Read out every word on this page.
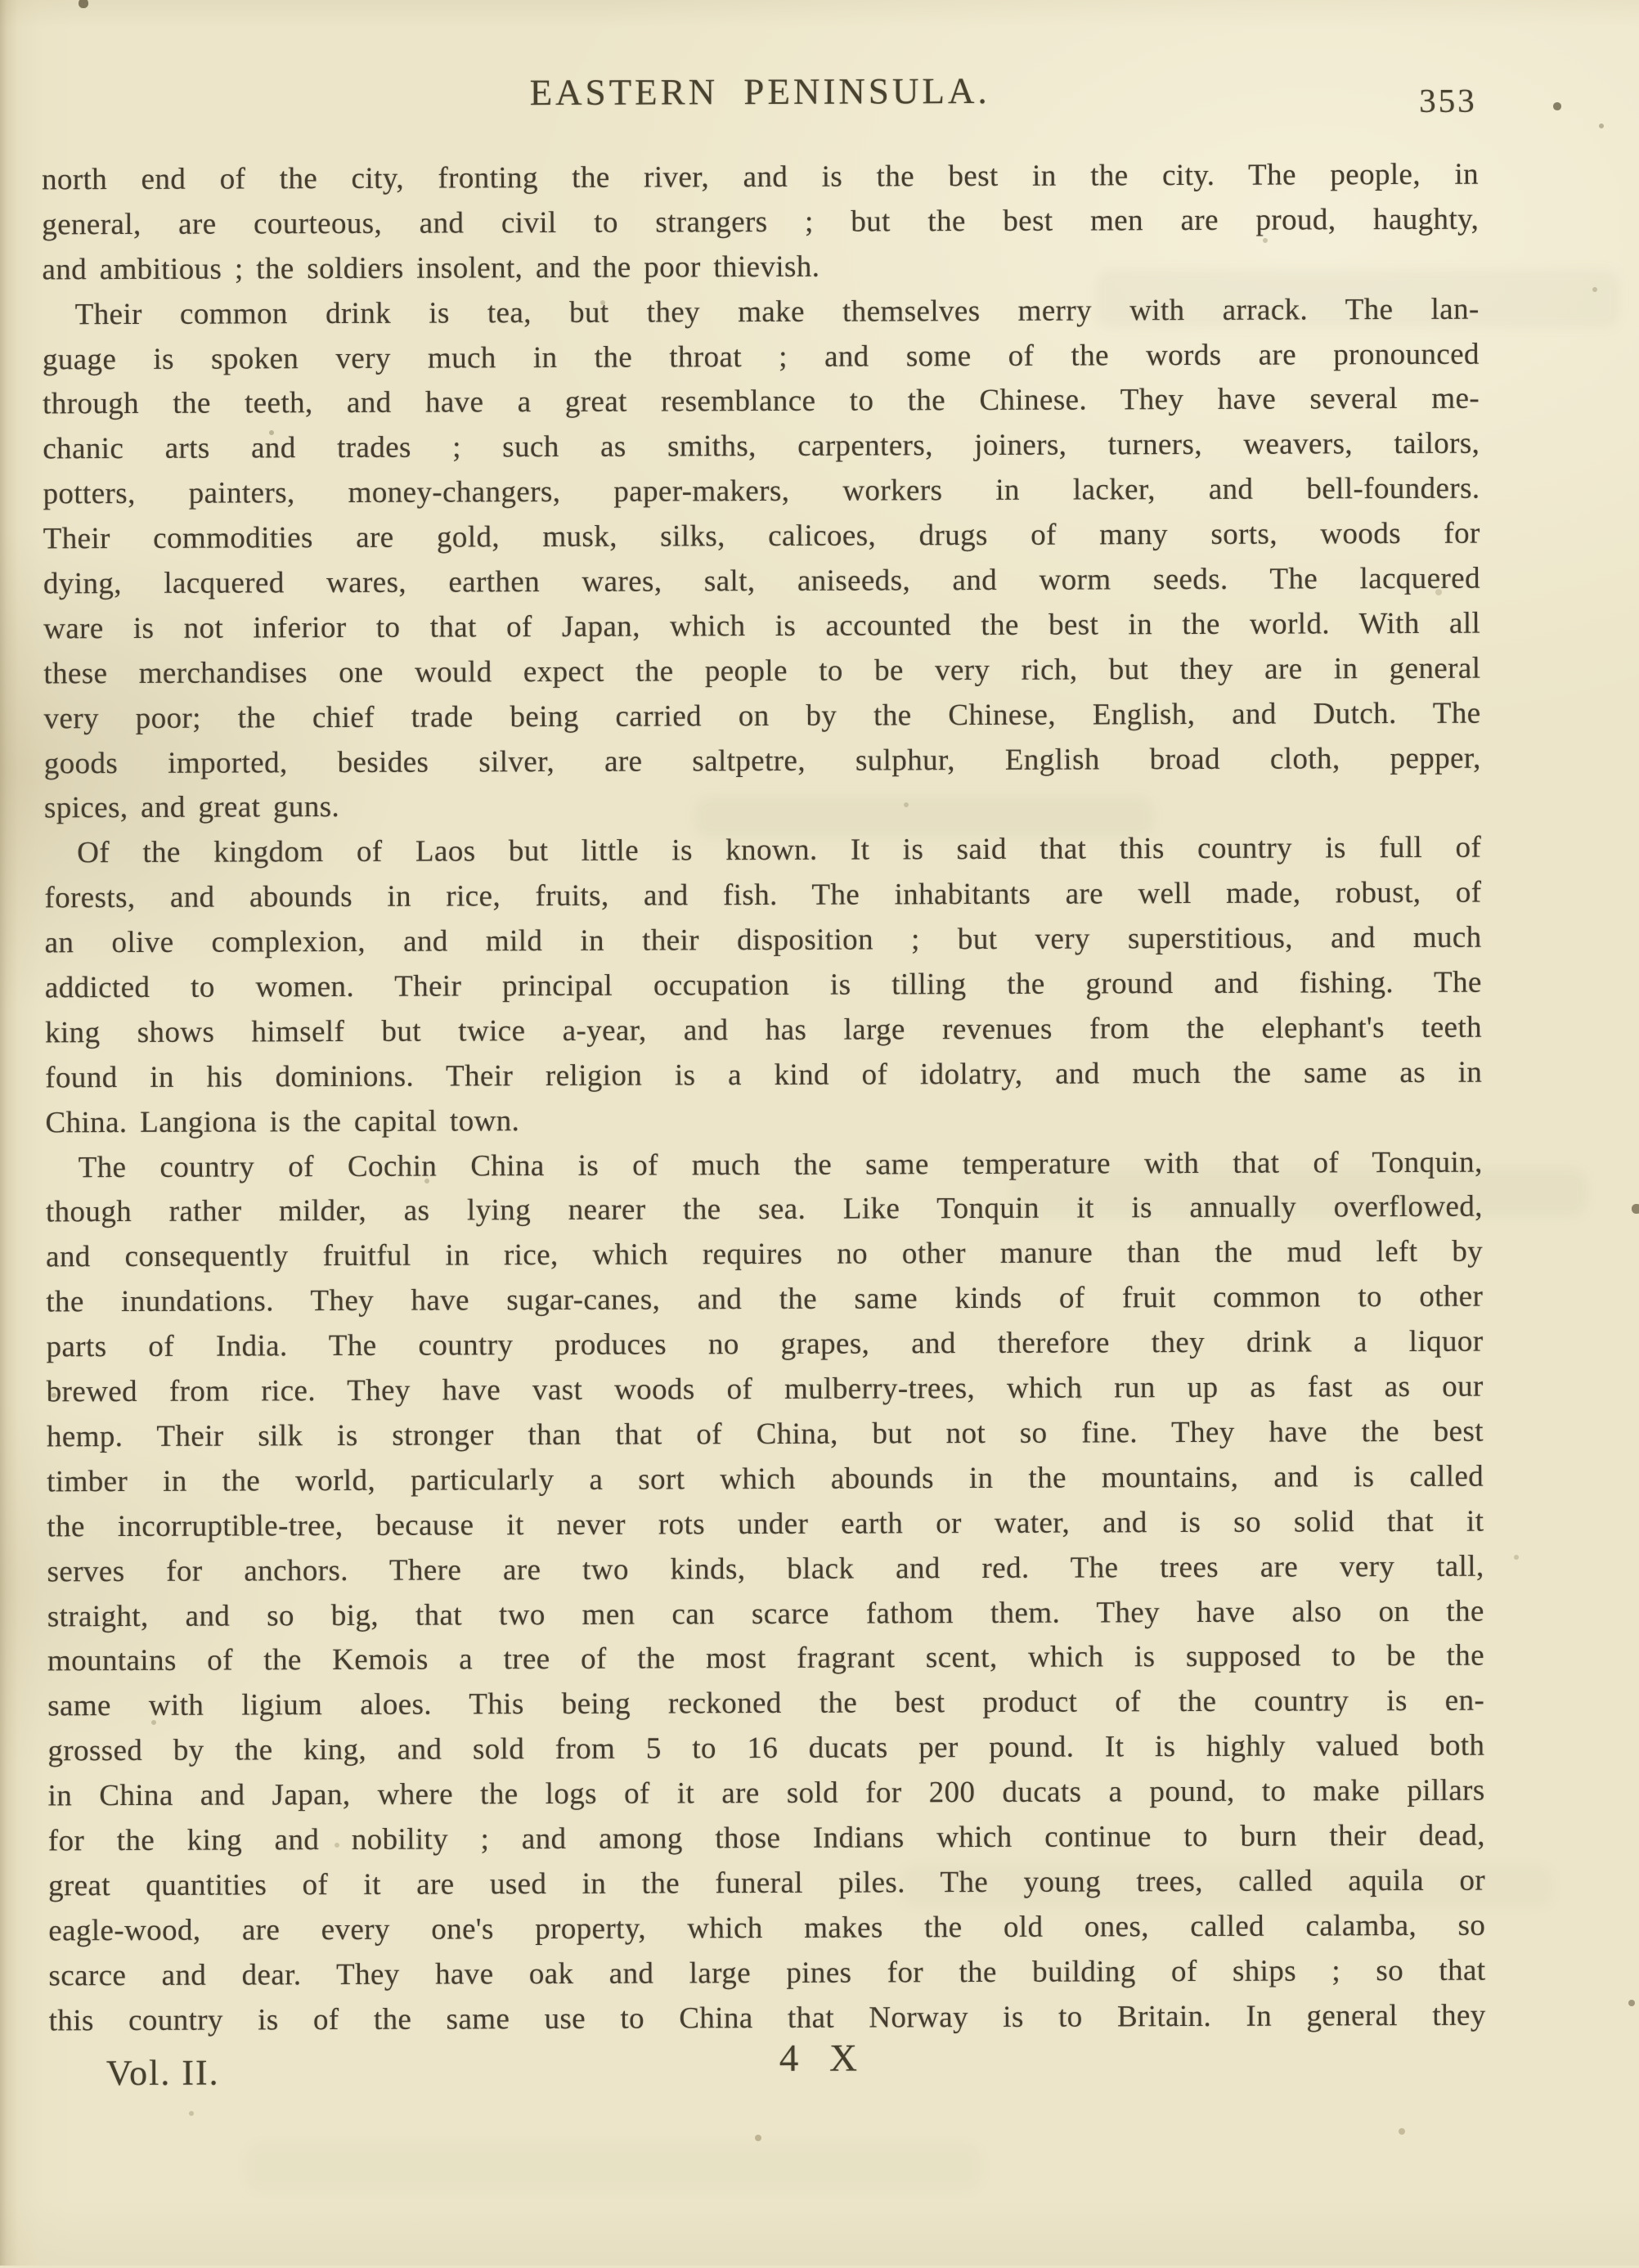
EASTERN PENINSULA.	353
north end of the city, fronting the river, and is the best in the city. The people, in
general, are courteous, and civil to strangers ; but the best men are proud, haughty,
and ambitious ; the soldiers insolent, and the poor thievish.
Their common drink is tea, but they make themselves merry with arrack. The lan-
guage is spoken very much in the throat ; and some of the words are pronounced
through the teeth, and have a great resemblance to the Chinese. They have several me-
chanic arts and trades ; such as smiths, carpenters, joiners, turners, weavers, tailors,
potters, painters, money-changers, paper-makers, workers in lacker, and bell-founders.
Their commodities are gold, musk, silks, calicoes, drugs of many sorts, woods for
dying, lacquered wares, earthen wares, salt, aniseeds, and worm seeds. The lacquered
ware is not inferior to that of Japan, which is accounted the best in the world. With all
these merchandises one would expect the people to be very rich, but they are in general
very poor; the chief trade being carried on by the Chinese, English, and Dutch. The
goods imported, besides silver, are saltpetre, sulphur, English broad cloth, pepper,
spices, and great guns.
Of the kingdom of Laos but little is known. It is said that this country is full of
forests, and abounds in rice, fruits, and fish. The inhabitants are well made, robust, of
an olive complexion, and mild in their disposition ; but very superstitious, and much
addicted to women. Their principal occupation is tilling the ground and fishing. The
king shows himself but twice a-year, and has large revenues from the elephant's teeth
found in his dominions. Their religion is a kind of idolatry, and much the same as in
China. Langiona is the capital town.
The country of Cochin China is of much the same temperature with that of Tonquin,
though rather milder, as lying nearer the sea. Like Tonquin it is annually overflowed,
and consequently fruitful in rice, which requires no other manure than the mud left by
the inundations. They have sugar-canes, and the same kinds of fruit common to other
parts of India. The country produces no grapes, and therefore they drink a liquor
brewed from rice. They have vast woods of mulberry-trees, which run up as fast as our
hemp. Their silk is stronger than that of China, but not so fine. They have the best
timber in the world, particularly a sort which abounds in the mountains, and is called
the incorruptible-tree, because it never rots under earth or water, and is so solid that it
serves for anchors. There are two kinds, black and red. The trees are very tall,
straight, and so big, that two men can scarce fathom them. They have also on the
mountains of the Kemois a tree of the most fragrant scent, which is supposed to be the
same with ligium aloes. This being reckoned the best product of the country is en-
grossed by the king, and sold from 5 to 16 ducats per pound. It is highly valued both
in China and Japan, where the logs of it are sold for 200 ducats a pound, to make pillars
for the king and nobility ; and among those Indians which continue to burn their dead,
great quantities of it are used in the funeral piles. The young trees, called aquila or
eagle-wood, are every one's property, which makes the old ones, called calamba, so
scarce and dear. They have oak and large pines for the building of ships ; so that
this country is of the same use to China that Norway is to Britain. In general they
Vol. II.	4 X
